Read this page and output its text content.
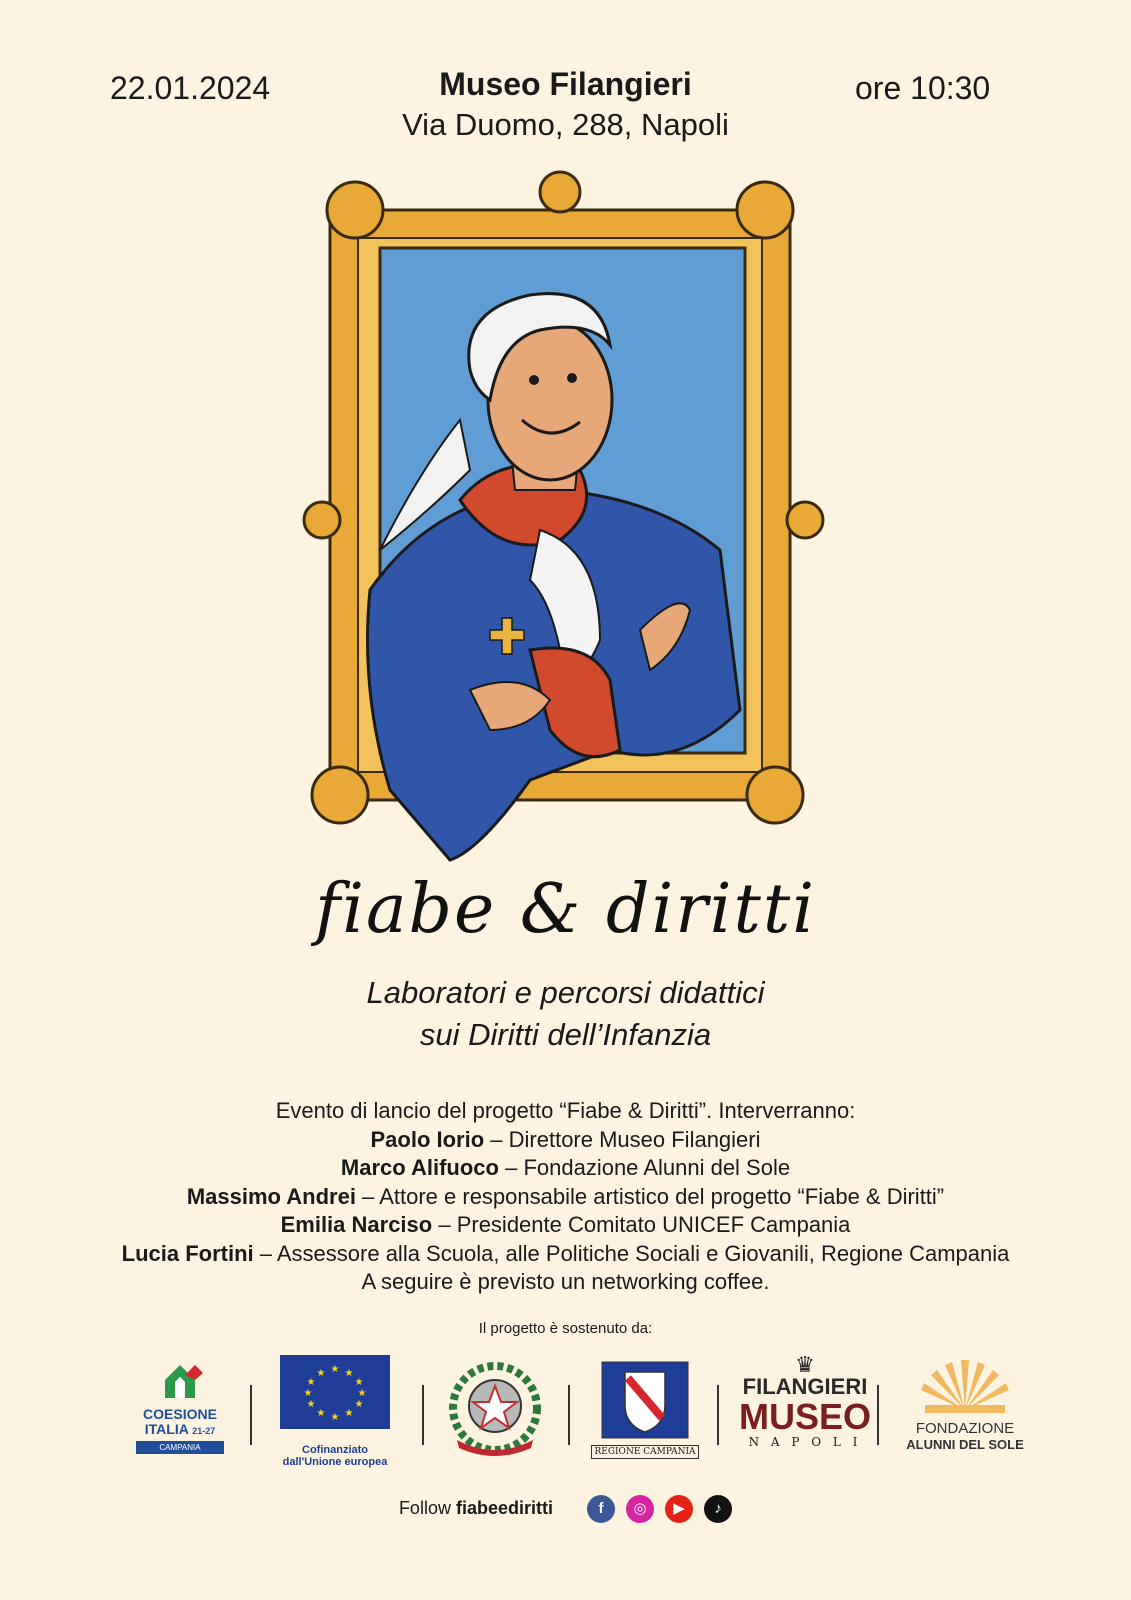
22.01.2024	Museo Filangieri
Via Duomo, 288, Napoli
ore 10:30
fiabe & diritti
Laboratori e percorsi didattici
sui Diritti dell’Infanzia
Evento di lancio del progetto “Fiabe & Diritti”. Interverranno:
Paolo Iorio – Direttore Museo Filangieri
Marco Alifuoco – Fondazione Alunni del Sole
Massimo Andrei – Attore e responsabile artistico del progetto “Fiabe & Diritti”
Emilia Narciso – Presidente Comitato UNICEF Campania
Lucia Fortini – Assessore alla Scuola, alle Politiche Sociali e Giovanili, Regione Campania
A seguire è previsto un networking coffee.
Il progetto è sostenuto da:
COESIONE
ITALIA 21-27
CAMPANIA
★ ★
★
★
★
★
★
★
★
★
★
★
Cofinanziato
dall'Unione europea
REGIONE CAMPANIA
♛
FILANGIERI
MUSEO
N A P O L I
FONDAZIONE
ALUNNI DEL SOLE
Follow fiabeediritti	f ◎ ▶ ♪
